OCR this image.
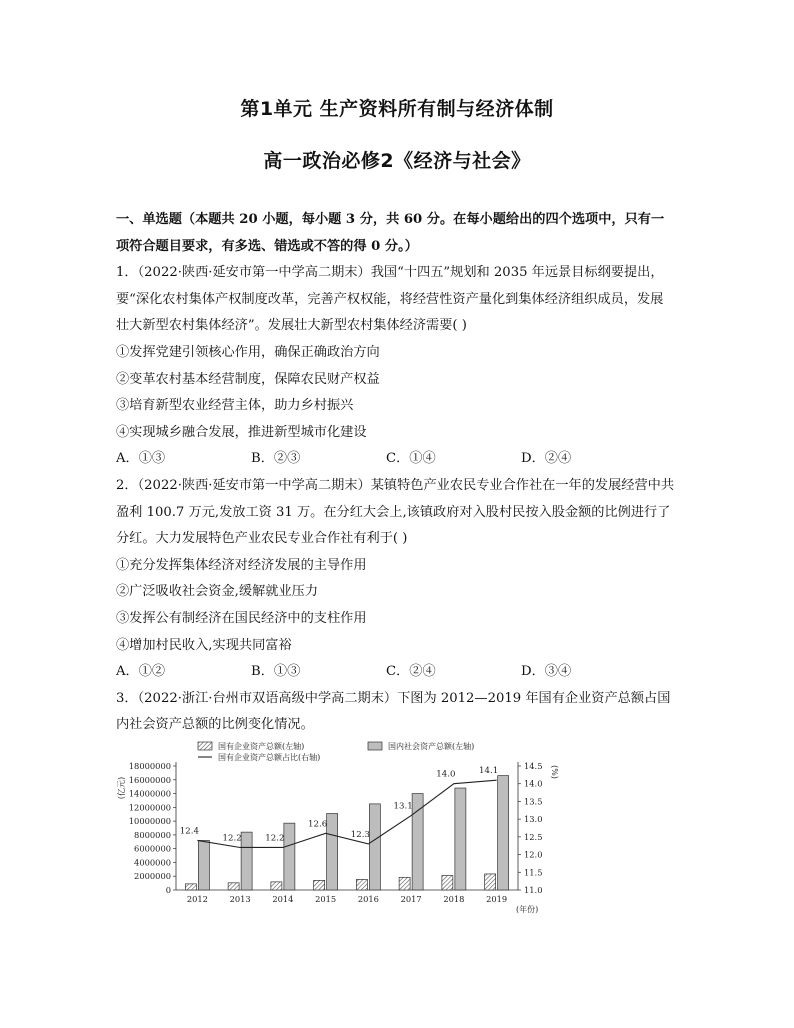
第1单元 生产资料所有制与经济体制
高一政治必修2《经济与社会》

一、单选题（本题共 20 小题，每小题 3 分，共 60 分。在每小题给出的四个选项中，只有一项符合题目要求，有多选、错选或不答的得 0 分。）

1．（2022·陕西·延安市第一中学高二期末）我国“十四五”规划和 2035 年远景目标纲要提出，要“深化农村集体产权制度改革，完善产权权能，将经营性资产量化到集体经济组织成员，发展壮大新型农村集体经济”。发展壮大新型农村集体经济需要( )

①发挥党建引领核心作用，确保正确政治方向

②变革农村基本经营制度，保障农民财产权益

③培育新型农业经营主体，助力乡村振兴

④实现城乡融合发展，推进新型城市化建设

A．①③	B．②③	C．①④	D．②④

2．（2022·陕西·延安市第一中学高二期末）某镇特色产业农民专业合作社在一年的发展经营中共盈利 100.7 万元,发放工资 31 万。在分红大会上,该镇政府对入股村民按入股金额的比例进行了分红。大力发展特色产业农民专业合作社有利于( )

①充分发挥集体经济对经济发展的主导作用

②广泛吸收社会资金,缓解就业压力

③发挥公有制经济在国民经济中的支柱作用

④增加村民收入,实现共同富裕

A．①②	B．①③	C．②④	D．③④

3．（2022·浙江·台州市双语高级中学高二期末）下图为 2012—2019 年国有企业资产总额占国内社会资产总额的比例变化情况。

国有企业资产总额(左轴)	国内社会资产总额(左轴)
国有企业资产总额占比(右轴)
0
2000000
4000000
6000000
8000000
10000000
12000000
14000000
16000000
18000000
11.0
11.5
12.0
12.5
13.0
13.5
14.0
14.5
(亿元)
(%)
(年份)
2012	2013	2014	2015	2016	2017	2018	2019
12.4
12.2	12.2
12.6
12.3
13.1
14.0	14.1
